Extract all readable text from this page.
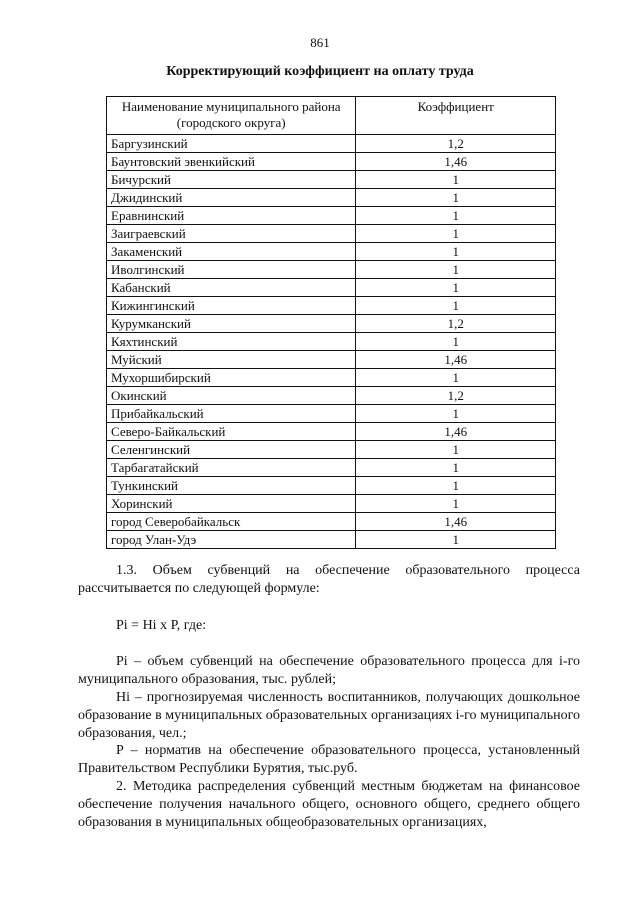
861
Корректирующий коэффициент на оплату труда
Наименование муниципального района (городского округа)	Коэффициент
Баргузинский	1,2
Баунтовский эвенкийский	1,46
Бичурский	1
Джидинский	1
Еравнинский	1
Заиграевский	1
Закаменский	1
Иволгинский	1
Кабанский	1
Кижингинский	1
Курумканский	1,2
Кяхтинский	1
Муйский	1,46
Мухоршибирский	1
Окинский	1,2
Прибайкальский	1
Северо-Байкальский	1,46
Селенгинский	1
Тарбагатайский	1
Тункинский	1
Хоринский	1
город Северобайкальск	1,46
город Улан-Удэ	1

1.3. Объем субвенций на обеспечение образовательного процесса рассчитывается по следующей формуле:

Pi = Hi x P, где:

Pi – объем субвенций на обеспечение образовательного процесса для i-го муниципального образования, тыс. рублей;

Hi – прогнозируемая численность воспитанников, получающих дошкольное образование в муниципальных образовательных организациях i-го муниципального образования, чел.;

P – норматив на обеспечение образовательного процесса, установленный Правительством Республики Бурятия, тыс.руб.

2. Методика распределения субвенций местным бюджетам на финансовое обеспечение получения начального общего, основного общего, среднего общего образования в муниципальных общеобразовательных организациях,
